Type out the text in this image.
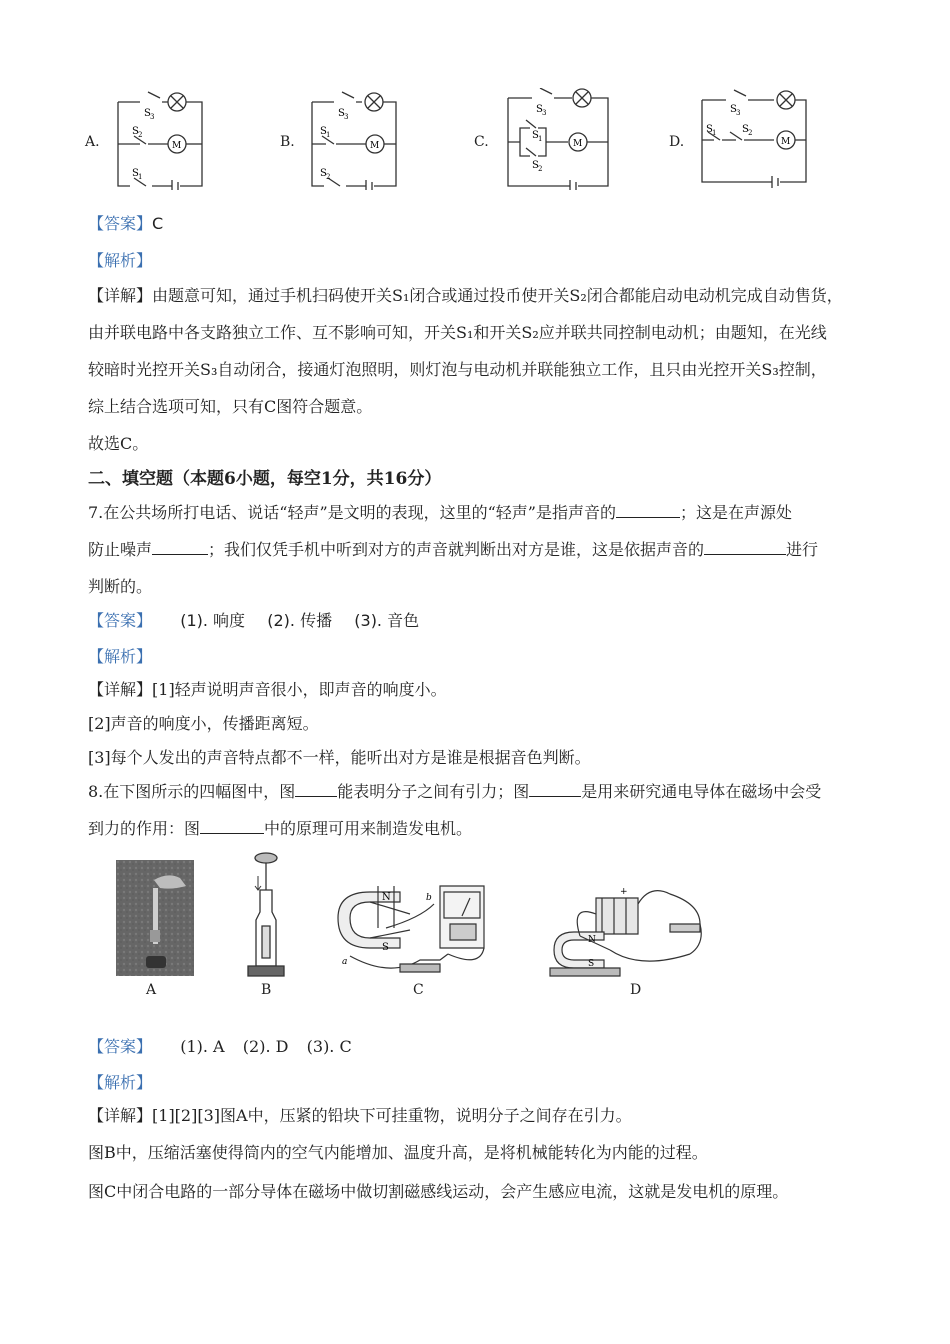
A.	B.	C.	D.
S 3
S 2
M
S 1
S 3
S 1
M
S 2
S 3
S 1	M
S 2
S 3
S 1	S 2
M
【答案】C
【解析】
【详解】由题意可知，通过手机扫码使开关S₁闭合或通过投币使开关S₂闭合都能启动电动机完成自动售货，
由并联电路中各支路独立工作、互不影响可知，开关S₁和开关S₂应并联共同控制电动机；由题知，在光线
较暗时光控开关S₃自动闭合，接通灯泡照明，则灯泡与电动机并联能独立工作，且只由光控开关S₃控制，
综上结合选项可知，只有C图符合题意。
故选C。
二、填空题（本题6小题，每空1分，共16分）
7.在公共场所打电话、说话“轻声”是文明的表现，这里的“轻声”是指声音的	；这是在声源处
防止噪声	；我们仅凭手机中听到对方的声音就判断出对方是谁，这是依据声音的	进行
判断的。
【答案】 (1). 响度 (2). 传播 (3). 音色
【解析】
【详解】[1]轻声说明声音很小，即声音的响度小。
[2]声音的响度小，传播距离短。
[3]每个人发出的声音特点都不一样，能听出对方是谁是根据音色判断。
8.在下图所示的四幅图中，图	能表明分子之间有引力；图	是用来研究通电导体在磁场中会受
到力的作用：图	中的原理可用来制造发电机。
A	B
N
S
b
a
C
N
S
+
D
【答案】 (1). A (2). D (3). C
【解析】
【详解】[1][2][3]图A中，压紧的铅块下可挂重物，说明分子之间存在引力。
图B中，压缩活塞使得筒内的空气内能增加、温度升高，是将机械能转化为内能的过程。
图C中闭合电路的一部分导体在磁场中做切割磁感线运动，会产生感应电流，这就是发电机的原理。
